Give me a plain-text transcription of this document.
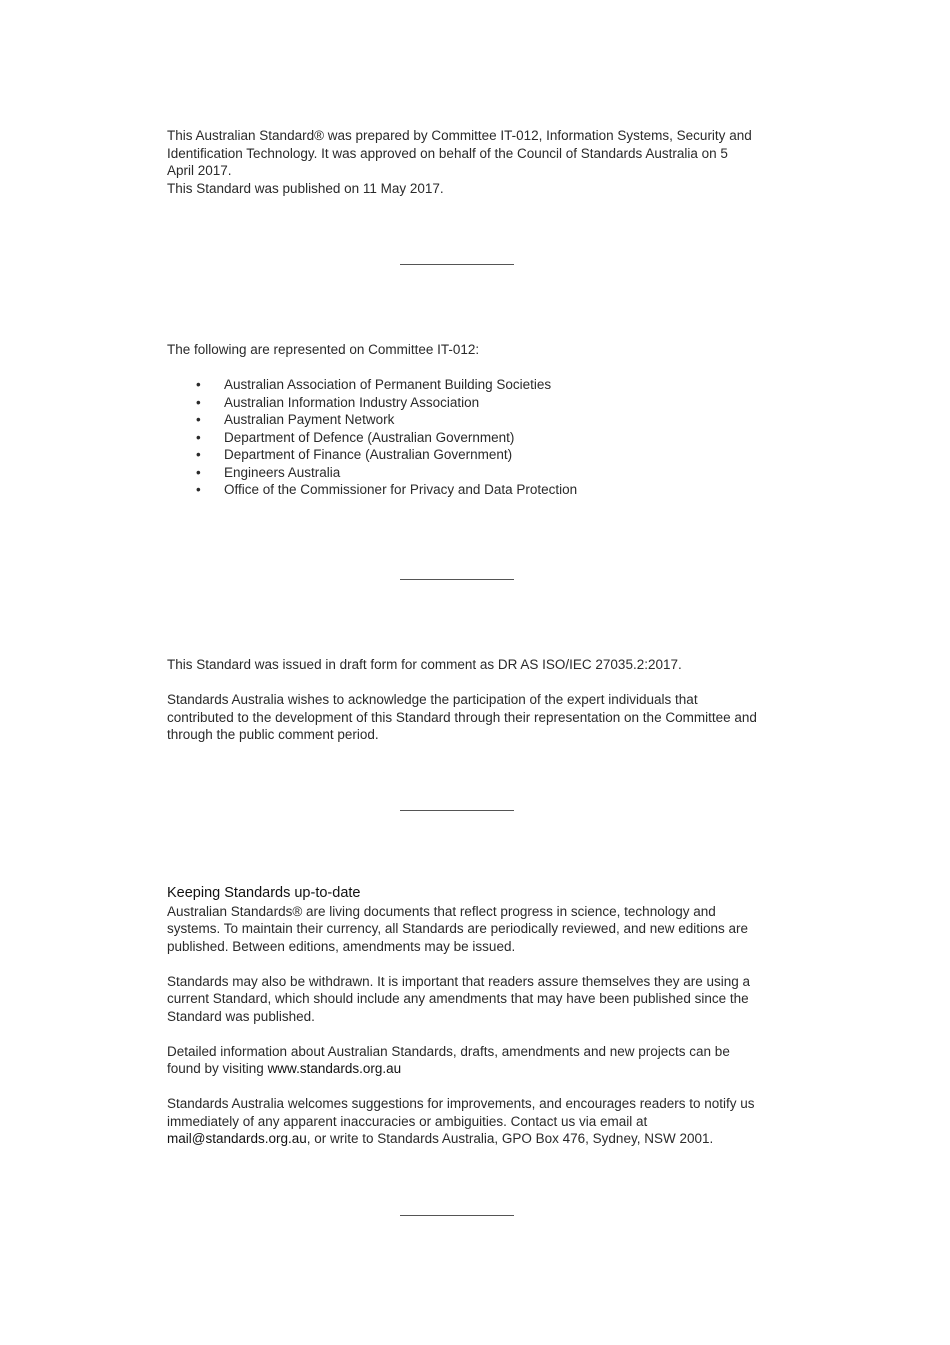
This Australian Standard® was prepared by Committee IT-012, Information Systems, Security and Identification Technology. It was approved on behalf of the Council of Standards Australia on 5 April 2017.

This Standard was published on 11 May 2017.

The following are represented on Committee IT-012:

• Australian Association of Permanent Building Societies
• Australian Information Industry Association
• Australian Payment Network
• Department of Defence (Australian Government)
• Department of Finance (Australian Government)
• Engineers Australia
• Office of the Commissioner for Privacy and Data Protection

This Standard was issued in draft form for comment as DR AS ISO/IEC 27035.2:2017.

Standards Australia wishes to acknowledge the participation of the expert individuals that contributed to the development of this Standard through their representation on the Committee and through the public comment period.

Keeping Standards up-to-date

Australian Standards® are living documents that reflect progress in science, technology and systems. To maintain their currency, all Standards are periodically reviewed, and new editions are published. Between editions, amendments may be issued.

Standards may also be withdrawn. It is important that readers assure themselves they are using a current Standard, which should include any amendments that may have been published since the Standard was published.

Detailed information about Australian Standards, drafts, amendments and new projects can be found by visiting www.standards.org.au

Standards Australia welcomes suggestions for improvements, and encourages readers to notify us immediately of any apparent inaccuracies or ambiguities. Contact us via email at mail@standards.org.au, or write to Standards Australia, GPO Box 476, Sydney, NSW 2001.
